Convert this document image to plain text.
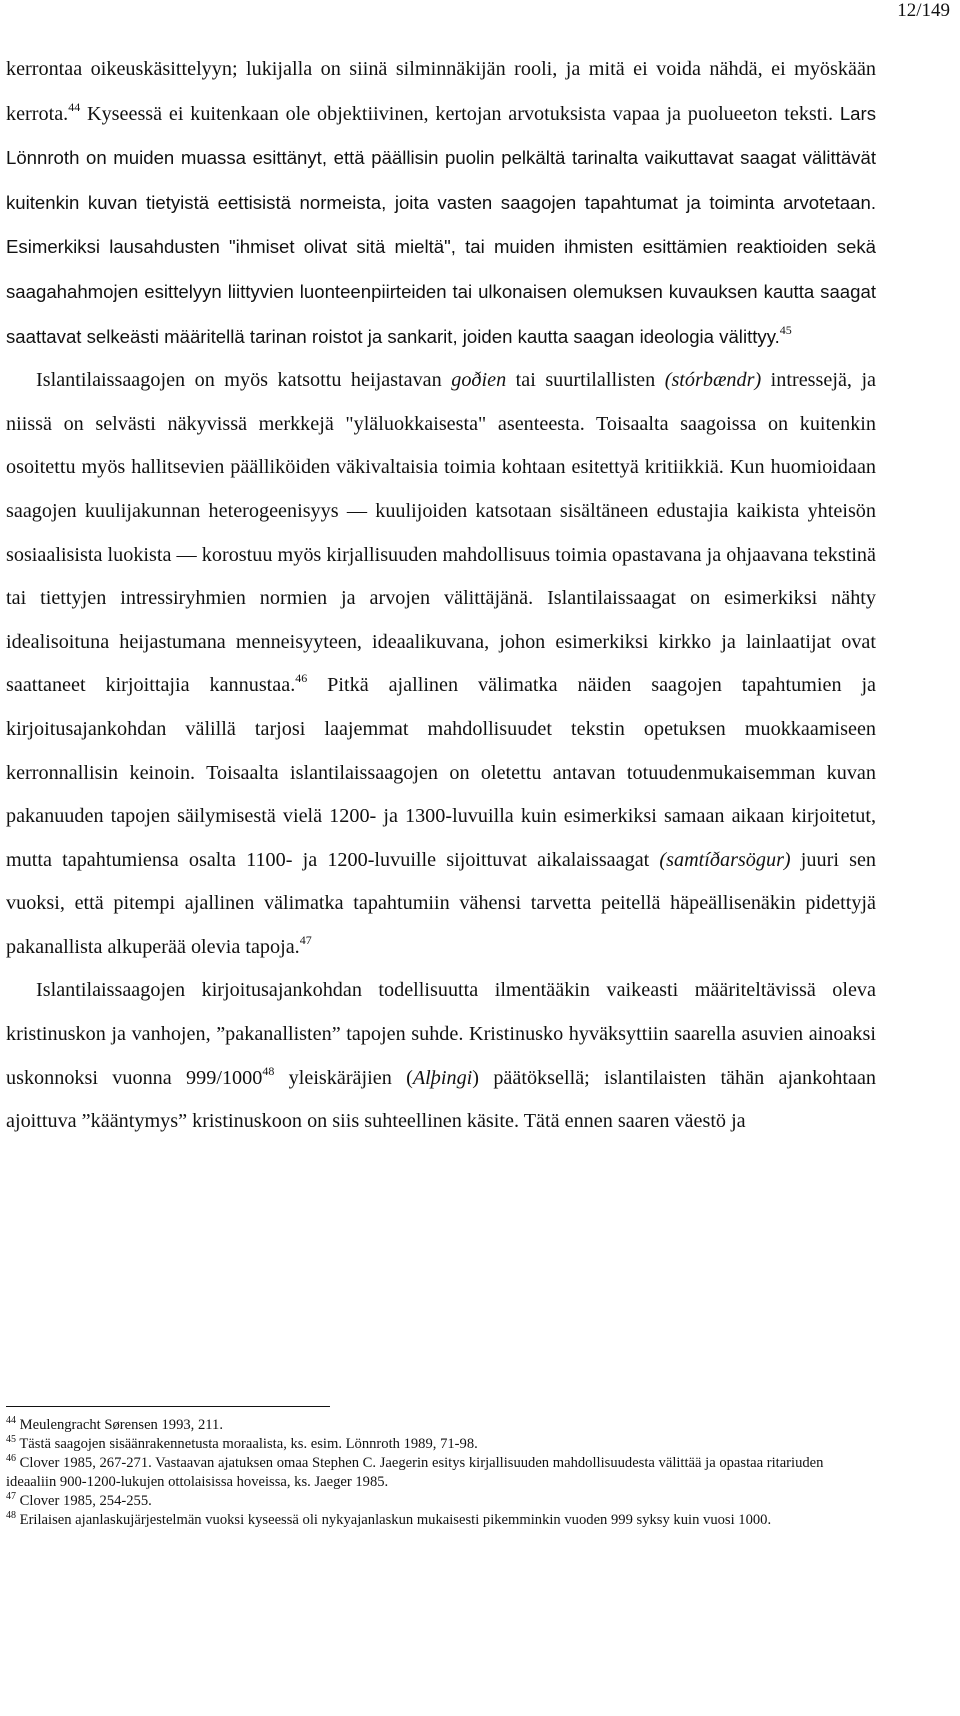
12/149

kerrontaa oikeuskäsittelyyn; lukijalla on siinä silminnäkijän rooli, ja mitä ei voida nähdä, ei myöskään kerrota.$^{44}$ Kyseessä ei kuitenkaan ole objektiivinen, kertojan arvotuksista vapaa ja puolueeton teksti. Lars Lönnroth on muiden muassa esittänyt, että päällisin puolin pelkältä tarinalta vaikuttavat saagat välittävät kuitenkin kuvan tietyistä eettisistä normeista, joita vasten saagojen tapahtumat ja toiminta arvotetaan. Esimerkiksi lausahdusten "ihmiset olivat sitä mieltä", tai muiden ihmisten esittämien reaktioiden sekä saagahahmojen esittelyyn liittyvien luonteenpiirteiden tai ulkonaisen olemuksen kuvauksen kautta saagat saattavat selkeästi määritellä tarinan roistot ja sankarit, joiden kautta saagan ideologia välittyy.$^{45}$

Islantilaissaagojen on myös katsottu heijastavan goðien tai suurtilallisten (stórbændr) intressejä, ja niissä on selvästi näkyvissä merkkejä "yläluokkaisesta" asenteesta. Toisaalta saagoissa on kuitenkin osoitettu myös hallitsevien päälliköiden väkivaltaisia toimia kohtaan esitettyä kritiikkiä. Kun huomioidaan saagojen kuulijakunnan heterogeenisyys — kuulijoiden katsotaan sisältäneen edustajia kaikista yhteisön sosiaalisista luokista — korostuu myös kirjallisuuden mahdollisuus toimia opastavana ja ohjaavana tekstinä tai tiettyjen intressiryhmien normien ja arvojen välittäjänä. Islantilaissaagat on esimerkiksi nähty idealisoituna heijastumana menneisyyteen, ideaalikuvana, johon esimerkiksi kirkko ja lainlaatijat ovat saattaneet kirjoittajia kannustaa.$^{46}$ Pitkä ajallinen välimatka näiden saagojen tapahtumien ja kirjoitusajankohdan välillä tarjosi laajemmat mahdollisuudet tekstin opetuksen muokkaamiseen kerronnallisin keinoin. Toisaalta islantilaissaagojen on oletettu antavan totuudenmukaisemman kuvan pakanuuden tapojen säilymisestä vielä 1200- ja 1300-luvuilla kuin esimerkiksi samaan aikaan kirjoitetut, mutta tapahtumiensa osalta 1100- ja 1200-luvuille sijoittuvat aikalaissaagat (samtíðarsögur) juuri sen vuoksi, että pitempi ajallinen välimatka tapahtumiin vähensi tarvetta peitellä häpeällisenäkin pidettyjä pakanallista alkuperää olevia tapoja.$^{47}$

Islantilaissaagojen kirjoitusajankohdan todellisuutta ilmentääkin vaikeasti määriteltävissä oleva kristinuskon ja vanhojen, ”pakanallisten” tapojen suhde. Kristinusko hyväksyttiin saarella asuvien ainoaksi uskonnoksi vuonna 999/1000$^{48}$ yleiskäräjien (Alþingi) päätöksellä; islantilaisten tähän ajankohtaan ajoittuva ”kääntymys” kristinuskoon on siis suhteellinen käsite. Tätä ennen saaren väestö ja

$^{44}$ Meulengracht Sørensen 1993, 211.
$^{45}$ Tästä saagojen sisäänrakennetusta moraalista, ks. esim. Lönnroth 1989, 71-98.
$^{46}$ Clover 1985, 267-271. Vastaavan ajatuksen omaa Stephen C. Jaegerin esitys kirjallisuuden mahdollisuudesta välittää ja opastaa ritariuden ideaaliin 900-1200-lukujen ottolaisissa hoveissa, ks. Jaeger 1985.
$^{47}$ Clover 1985, 254-255.
$^{48}$ Erilaisen ajanlaskujärjestelmän vuoksi kyseessä oli nykyajanlaskun mukaisesti pikemminkin vuoden 999 syksy kuin vuosi 1000.
